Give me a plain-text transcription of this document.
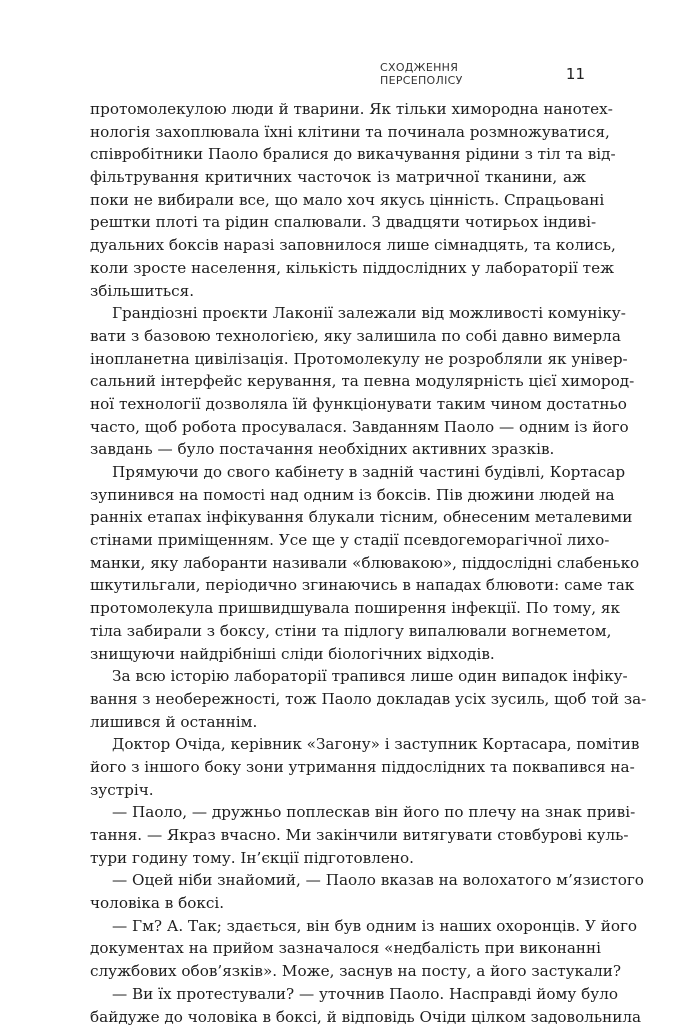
СХОДЖЕННЯ ПЕРСЕПОЛІСУ	11
протомолекулою люди й тварини. Як тільки химородна нанотех-
нологія захоплювала їхні клітини та починала розмножуватися,
співробітники Паоло бралися до викачування рідини з тіл та від-
фільтрування критичних часточок із матричної тканини, аж
поки не вибирали все, що мало хоч якусь цінність. Спрацьовані
рештки плоті та рідин спалювали. З двадцяти чотирьох індиві-
дуальних боксів наразі заповнилося лише сімнадцять, та колись,
коли зросте населення, кількість піддослідних у лабораторії теж
збільшиться.
Грандіозні проєкти Лаконії залежали від можливості комуніку-
вати з базовою технологією, яку залишила по собі давно вимерла
інопланетна цивілізація. Протомолекулу не розробляли як універ-
сальний інтерфейс керування, та певна модулярність цієї химород-
ної технології дозволяла їй функціонувати таким чином достатньо
часто, щоб робота просувалася. Завданням Паоло — одним із його
завдань — було постачання необхідних активних зразків.
Прямуючи до свого кабінету в задній частині будівлі, Кортасар
зупинився на помості над одним із боксів. Пів дюжини людей на
ранніх етапах інфікування блукали тісним, обнесеним металевими
стінами приміщенням. Усе ще у стадії псевдогеморагічної лихо-
манки, яку лаборанти називали «блювакою», піддослідні слабенько
шкутильгали, періодично згинаючись в нападах блювоти: саме так
протомолекула пришвидшувала поширення інфекції. По тому, як
тіла забирали з боксу, стіни та підлогу випалювали вогнеметом,
знищуючи найдрібніші сліди біологічних відходів.
За всю історію лабораторії трапився лише один випадок інфіку-
вання з необережності, тож Паоло докладав усіх зусиль, щоб той за-
лишився й останнім.
Доктор Очіда, керівник «Загону» і заступник Кортасара, помітив
його з іншого боку зони утримання піддослідних та поквапився на-
зустріч.
— Паоло, — дружньо поплескав він його по плечу на знак приві-
тання. — Якраз вчасно. Ми закінчили витягувати стовбурові куль-
тури годину тому. Ін’єкції підготовлено.
— Оцей ніби знайомий, — Паоло вказав на волохатого м’язистого
чоловіка в боксі.
— Гм? А. Так; здається, він був одним із наших охоронців. У його
документах на прийом зазначалося «недбалість при виконанні
службових обов’язків». Може, заснув на посту, а його застукали?
— Ви їх протестували? — уточнив Паоло. Насправді йому було
байдуже до чоловіка в боксі, й відповідь Очіди цілком задовольнила
